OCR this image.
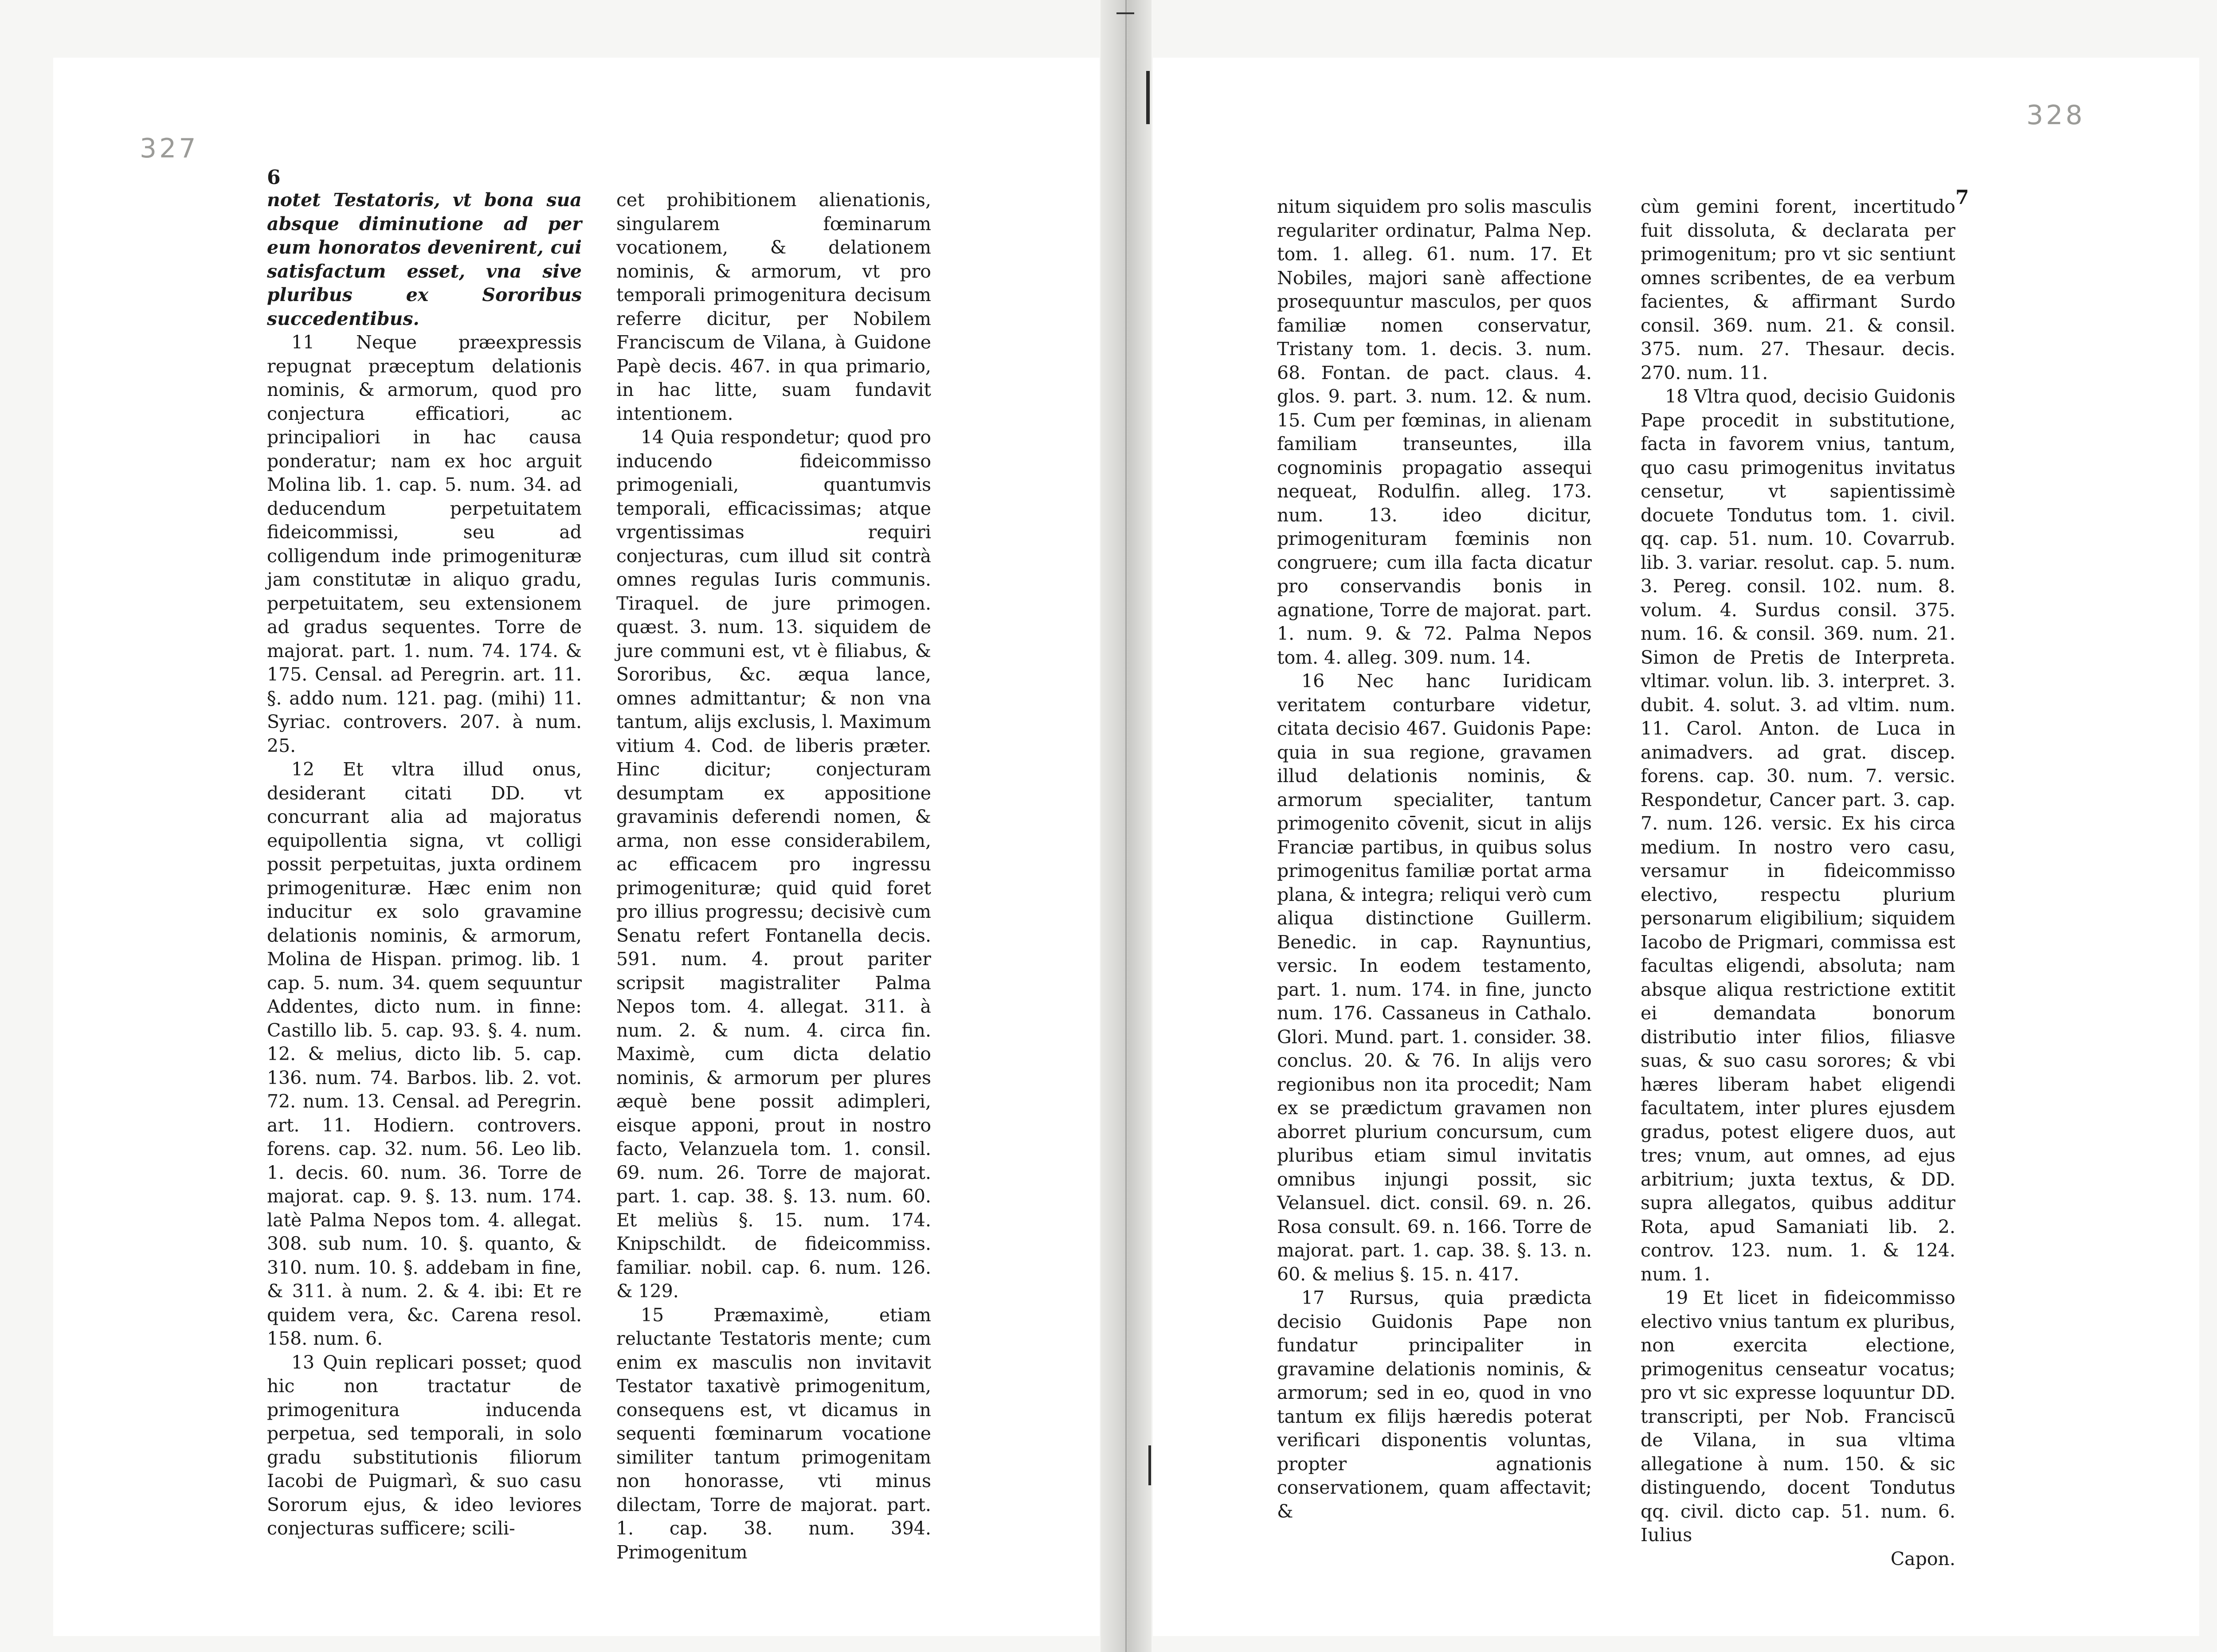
327
328
6
7

notet Testatoris, vt bona sua absque diminutione ad per eum honoratos devenirent, cui satisfactum esset, vna sive pluribus ex Sororibus succedentibus.

11 Neque præexpressis repugnat præceptum delationis nominis, & armorum, quod pro conjectura efficatiori, ac principaliori in hac causa ponderatur; nam ex hoc arguit Molina lib. 1. cap. 5. num. 34. ad deducendum perpetuitatem fideicommissi, seu ad colligendum inde primogenituræ jam constitutæ in aliquo gradu, perpetuitatem, seu extensionem ad gradus sequentes. Torre de majorat. part. 1. num. 74. 174. & 175. Censal. ad Peregrin. art. 11. §. addo num. 121. pag. (mihi) 11. Syriac. controvers. 207. à num. 25.

12 Et vltra illud onus, desiderant citati DD. vt concurrant alia ad majoratus equipollentia signa, vt colligi possit perpetuitas, juxta ordinem primogenituræ. Hæc enim non inducitur ex solo gravamine delationis nominis, & armorum, Molina de Hispan. primog. lib. 1 cap. 5. num. 34. quem sequuntur Addentes, dicto num. in finne: Castillo lib. 5. cap. 93. §. 4. num. 12. & melius, dicto lib. 5. cap. 136. num. 74. Barbos. lib. 2. vot. 72. num. 13. Censal. ad Peregrin. art. 11. Hodiern. controvers. forens. cap. 32. num. 56. Leo lib. 1. decis. 60. num. 36. Torre de majorat. cap. 9. §. 13. num. 174. latè Palma Nepos tom. 4. allegat. 308. sub num. 10. §. quanto, & 310. num. 10. §. addebam in fine, & 311. à num. 2. & 4. ibi: Et re quidem vera, &c. Carena resol. 158. num. 6.

13 Quin replicari posset; quod hic non tractatur de primogenitura inducenda perpetua, sed temporali, in solo gradu substitutionis filiorum Iacobi de Puigmarì, & suo casu Sororum ejus, & ideo leviores conjecturas sufficere; scili-

cet prohibitionem alienationis, singularem fœminarum vocationem, & delationem nominis, & armorum, vt pro temporali primogenitura decisum referre dicitur, per Nobilem Franciscum de Vilana, à Guidone Papè decis. 467. in qua primario, in hac litte, suam fundavit intentionem.

14 Quia respondetur; quod pro inducendo fideicommisso primogeniali, quantumvis temporali, efficacissimas; atque vrgentissimas requiri conjecturas, cum illud sit contrà omnes regulas Iuris communis. Tiraquel. de jure primogen. quæst. 3. num. 13. siquidem de jure communi est, vt è filiabus, & Sororibus, &c. æqua lance, omnes admittantur; & non vna tantum, alijs exclusis, l. Maximum vitium 4. Cod. de liberis præter. Hinc dicitur; conjecturam desumptam ex appositione gravaminis deferendi nomen, & arma, non esse considerabilem, ac efficacem pro ingressu primogenituræ; quid quid foret pro illius progressu; decisivè cum Senatu refert Fontanella decis. 591. num. 4. prout pariter scripsit magistraliter Palma Nepos tom. 4. allegat. 311. à num. 2. & num. 4. circa fin. Maximè, cum dicta delatio nominis, & armorum per plures æquè bene possit adimpleri, eisque apponi, prout in nostro facto, Velanzuela tom. 1. consil. 69. num. 26. Torre de majorat. part. 1. cap. 38. §. 13. num. 60. Et meliùs §. 15. num. 174. Knipschildt. de fideicommiss. familiar. nobil. cap. 6. num. 126. & 129.

15 Præmaximè, etiam reluctante Testatoris mente; cum enim ex masculis non invitavit Testator taxativè primogenitum, consequens est, vt dicamus in sequenti fœminarum vocatione similiter tantum primogenitam non honorasse, vti minus dilectam, Torre de majorat. part. 1. cap. 38. num. 394. Primogenitum

nitum siquidem pro solis masculis regulariter ordinatur, Palma Nep. tom. 1. alleg. 61. num. 17. Et Nobiles, majori sanè affectione prosequuntur masculos, per quos familiæ nomen conservatur, Tristany tom. 1. decis. 3. num. 68. Fontan. de pact. claus. 4. glos. 9. part. 3. num. 12. & num. 15. Cum per fœminas, in alienam familiam transeuntes, illa cognominis propagatio assequi nequeat, Rodulfin. alleg. 173. num. 13. ideo dicitur, primogenituram fœminis non congruere; cum illa facta dicatur pro conservandis bonis in agnatione, Torre de majorat. part. 1. num. 9. & 72. Palma Nepos tom. 4. alleg. 309. num. 14.

16 Nec hanc Iuridicam veritatem conturbare videtur, citata decisio 467. Guidonis Pape: quia in sua regione, gravamen illud delationis nominis, & armorum specialiter, tantum primogenito cōvenit, sicut in alijs Franciæ partibus, in quibus solus primogenitus familiæ portat arma plana, & integra; reliqui verò cum aliqua distinctione Guillerm. Benedic. in cap. Raynuntius, versic. In eodem testamento, part. 1. num. 174. in fine, juncto num. 176. Cassaneus in Cathalo. Glori. Mund. part. 1. consider. 38. conclus. 20. & 76. In alijs vero regionibus non ita procedit; Nam ex se prædictum gravamen non aborret plurium concursum, cum pluribus etiam simul invitatis omnibus injungi possit, sic Velansuel. dict. consil. 69. n. 26. Rosa consult. 69. n. 166. Torre de majorat. part. 1. cap. 38. §. 13. n. 60. & melius §. 15. n. 417.

17 Rursus, quia prædicta decisio Guidonis Pape non fundatur principaliter in gravamine delationis nominis, & armorum; sed in eo, quod in vno tantum ex filijs hæredis poterat verificari disponentis voluntas, propter agnationis conservationem, quam affectavit; &

cùm gemini forent, incertitudo fuit dissoluta, & declarata per primogenitum; pro vt sic sentiunt omnes scribentes, de ea verbum facientes, & affirmant Surdo consil. 369. num. 21. & consil. 375. num. 27. Thesaur. decis. 270. num. 11.

18 Vltra quod, decisio Guidonis Pape procedit in substitutione, facta in favorem vnius, tantum, quo casu primogenitus invitatus censetur, vt sapientissimè docuete Tondutus tom. 1. civil. qq. cap. 51. num. 10. Covarrub. lib. 3. variar. resolut. cap. 5. num. 3. Pereg. consil. 102. num. 8. volum. 4. Surdus consil. 375. num. 16. & consil. 369. num. 21. Simon de Pretis de Interpreta. vltimar. volun. lib. 3. interpret. 3. dubit. 4. solut. 3. ad vltim. num. 11. Carol. Anton. de Luca in animadvers. ad grat. discep. forens. cap. 30. num. 7. versic. Respondetur, Cancer part. 3. cap. 7. num. 126. versic. Ex his circa medium. In nostro vero casu, versamur in fideicommisso electivo, respectu plurium personarum eligibilium; siquidem Iacobo de Prigmari, commissa est facultas eligendi, absoluta; nam absque aliqua restrictione extitit ei demandata bonorum distributio inter filios, filiasve suas, & suo casu sorores; & vbi hæres liberam habet eligendi facultatem, inter plures ejusdem gradus, potest eligere duos, aut tres; vnum, aut omnes, ad ejus arbitrium; juxta textus, & DD. supra allegatos, quibus additur Rota, apud Samaniati lib. 2. controv. 123. num. 1. & 124. num. 1.

19 Et licet in fideicommisso electivo vnius tantum ex pluribus, non exercita electione, primogenitus censeatur vocatus; pro vt sic expresse loquuntur DD. transcripti, per Nob. Franciscū de Vilana, in sua vltima allegatione à num. 150. & sic distinguendo, docent Tondutus qq. civil. dicto cap. 51. num. 6. Iulius

Capon.
